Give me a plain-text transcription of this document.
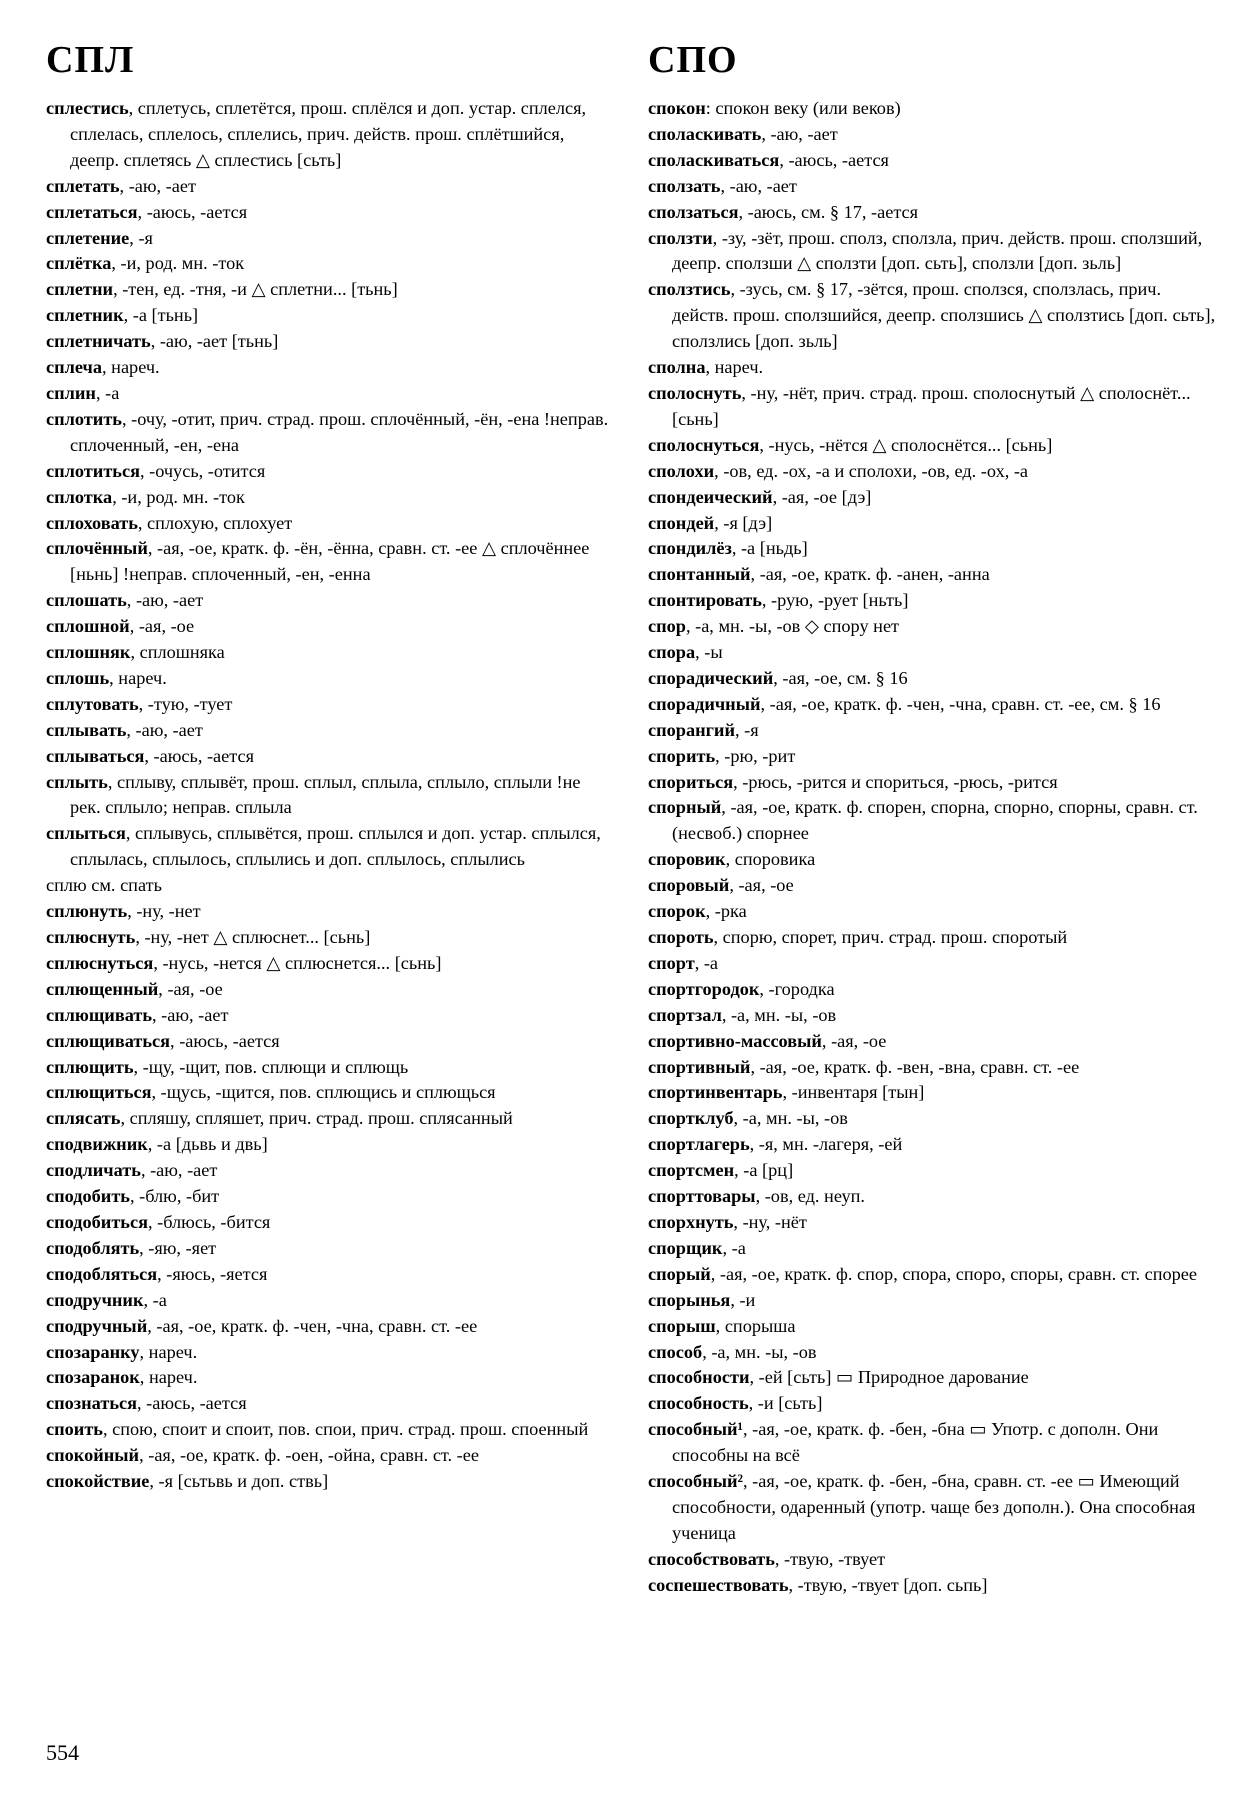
СПЛ

сплестись, сплетусь, сплетётся, прош. сплёлся и доп. устар. сплелся, сплелась, сплелось, сплелись, прич. действ. прош. сплётшийся, деепр. сплетясь △ сплестись [сьть]

сплетать, -аю, -ает

сплетаться, -аюсь, -ается

сплетение, -я

сплётка, -и, род. мн. -ток

сплетни, -тен, ед. -тня, -и △ сплетни... [тьнь]

сплетник, -а [тьнь]

сплетничать, -аю, -ает [тьнь]

сплеча, нареч.

сплин, -а

сплотить, -очу, -отит, прич. страд. прош. сплочённый, -ён, -ена !неправ. сплоченный, -ен, -ена

сплотиться, -очусь, -отится

сплотка, -и, род. мн. -ток

сплоховать, сплохую, сплохует

сплочённый, -ая, -ое, кратк. ф. -ён, -ённа, сравн. ст. -ее △ сплочённее [ньнь] !неправ. сплоченный, -ен, -енна

сплошать, -аю, -ает

сплошной, -ая, -ое

сплошняк, сплошняка

сплошь, нареч.

сплутовать, -тую, -тует

сплывать, -аю, -ает

сплываться, -аюсь, -ается

сплыть, сплыву, сплывёт, прош. сплыл, сплыла, сплыло, сплыли !не рек. сплыло; неправ. сплыла

сплыться, сплывусь, сплывётся, прош. сплылся и доп. устар. сплылся, сплылась, сплылось, сплылись и доп. сплылось, сплылись

сплю см. спать

сплюнуть, -ну, -нет

сплюснуть, -ну, -нет △ сплюснет... [сьнь]

сплюснуться, -нусь, -нется △ сплюснется... [сьнь]

сплющенный, -ая, -ое

сплющивать, -аю, -ает

сплющиваться, -аюсь, -ается

сплющить, -щу, -щит, пов. сплющи и сплющь

сплющиться, -щусь, -щится, пов. сплющись и сплющься

сплясать, спляшу, спляшет, прич. страд. прош. сплясанный

сподвижник, -а [дьвь и двь]

сподличать, -аю, -ает

сподобить, -блю, -бит

сподобиться, -блюсь, -бится

сподоблять, -яю, -яет

сподобляться, -яюсь, -яется

сподручник, -а

сподручный, -ая, -ое, кратк. ф. -чен, -чна, сравн. ст. -ее

спозаранку, нареч.

спозаранок, нареч.

спознаться, -аюсь, -ается

споить, спою, споит и споит, пов. спои, прич. страд. прош. споенный

спокойный, -ая, -ое, кратк. ф. -оен, -ойна, сравн. ст. -ее

спокойствие, -я [сьтьвь и доп. ствь]

СПО

спокон: спокон веку (или веков)

споласкивать, -аю, -ает

споласкиваться, -аюсь, -ается

сползать, -аю, -ает

сползаться, -аюсь, см. § 17, -ается

сползти, -зу, -зёт, прош. сполз, сползла, прич. действ. прош. сползший, деепр. сползши △ сползти [доп. сьть], сползли [доп. зьль]

сползтись, -зусь, см. § 17, -зётся, прош. сползся, сползлась, прич. действ. прош. сползшийся, деепр. сползшись △ сползтись [доп. сьть], сползлись [доп. зьль]

сполна, нареч.

сполоснуть, -ну, -нёт, прич. страд. прош. сполоснутый △ сполоснёт... [сьнь]

сполоснуться, -нусь, -нётся △ сполоснётся... [сьнь]

сполохи, -ов, ед. -ох, -а и сполохи, -ов, ед. -ох, -а

спондеический, -ая, -ое [дэ]

спондей, -я [дэ]

спондилёз, -а [ньдь]

спонтанный, -ая, -ое, кратк. ф. -анен, -анна

спонтировать, -рую, -рует [ньть]

спор, -а, мн. -ы, -ов ◇ спору нет

спора, -ы

спорадический, -ая, -ое, см. § 16

спорадичный, -ая, -ое, кратк. ф. -чен, -чна, сравн. ст. -ее, см. § 16

спорангий, -я

спорить, -рю, -рит

спориться, -рюсь, -рится и спориться, -рюсь, -рится

спорный, -ая, -ое, кратк. ф. спорен, спорна, спорно, спорны, сравн. ст. (несвоб.) спорнее

споровик, споровика

споровый, -ая, -ое

спорок, -рка

спороть, спорю, спорет, прич. страд. прош. споротый

спорт, -а

спортгородок, -городка

спортзал, -а, мн. -ы, -ов

спортивно-массовый, -ая, -ое

спортивный, -ая, -ое, кратк. ф. -вен, -вна, сравн. ст. -ее

спортинвентарь, -инвентаря [тын]

спортклуб, -а, мн. -ы, -ов

спортлагерь, -я, мн. -лагеря, -ей

спортсмен, -а [рц]

спорттовары, -ов, ед. неуп.

спорхнуть, -ну, -нёт

спорщик, -а

спорый, -ая, -ое, кратк. ф. спор, спора, споро, споры, сравн. ст. спорее

спорынья, -и

спорыш, спорыша

способ, -а, мн. -ы, -ов

способности, -ей [сьть] ▭ Природное дарование

способность, -и [сьть]

способный¹, -ая, -ое, кратк. ф. -бен, -бна ▭ Употр. с дополн. Они способны на всё

способный², -ая, -ое, кратк. ф. -бен, -бна, сравн. ст. -ее ▭ Имеющий способности, одаренный (употр. чаще без дополн.). Она способная ученица

способствовать, -твую, -твует

соспешествовать, -твую, -твует [доп. сьпь]

554
